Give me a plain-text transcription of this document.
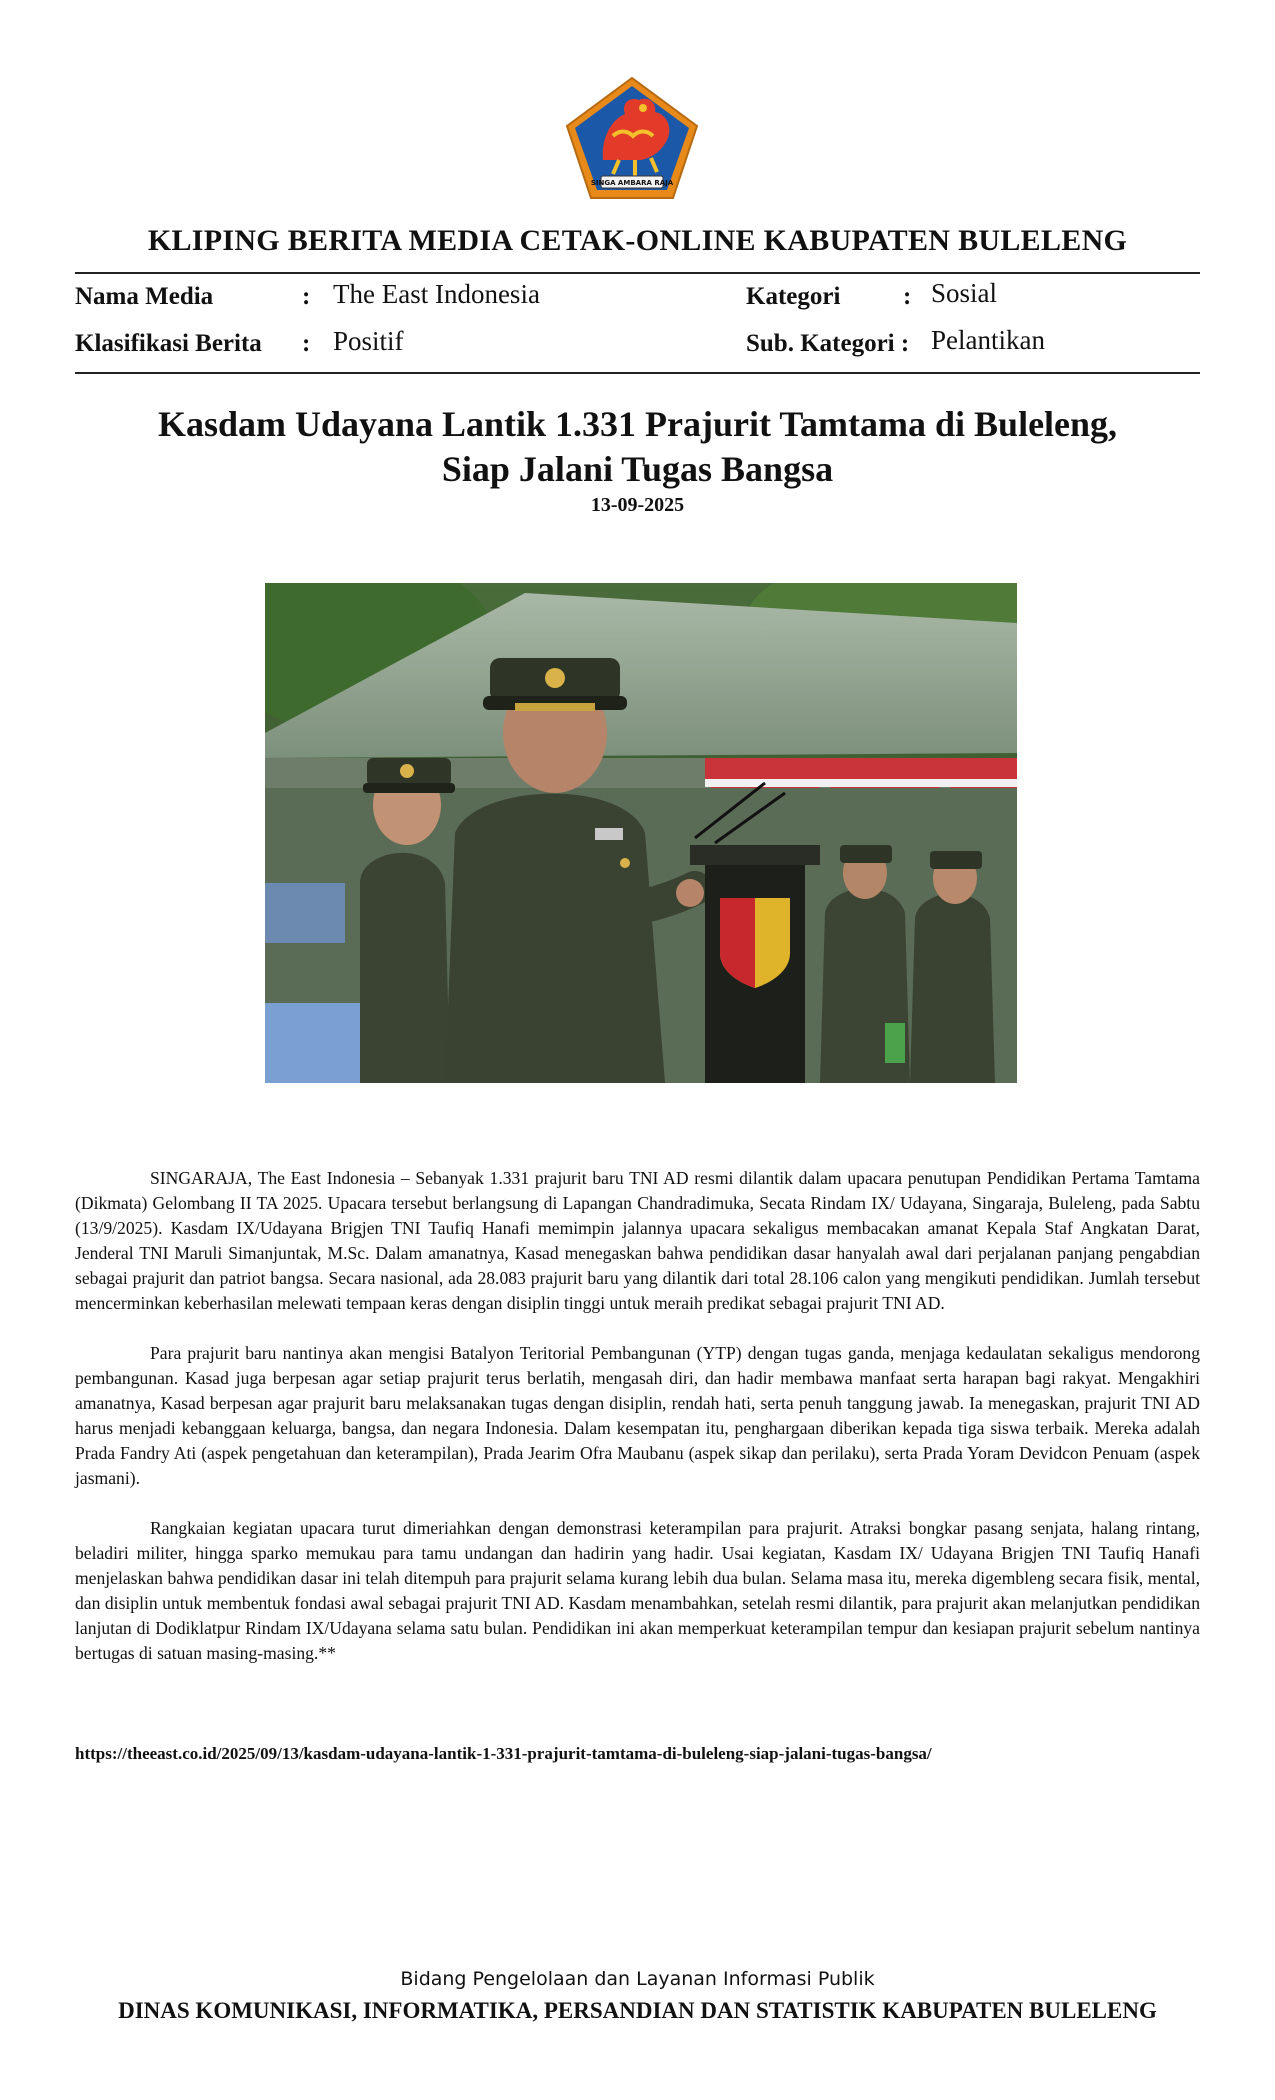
SINGA AMBARA RAJA
KLIPING BERITA MEDIA CETAK-ONLINE KABUPATEN BULELENG
Nama Media	: The East Indonesia
Klasifikasi Berita : Positif
Kategori	: Sosial
Sub. Kategori : Pelantikan
Kasdam Udayana Lantik 1.331 Prajurit Tamtama di Buleleng,
Siap Jalani Tugas Bangsa
13-09-2025

SINGARAJA, The East Indonesia – Sebanyak 1.331 prajurit baru TNI AD resmi dilantik dalam upacara penutupan Pendidikan Pertama Tamtama (Dikmata) Gelombang II TA 2025. Upacara tersebut berlangsung di Lapangan Chandradimuka, Secata Rindam IX/ Udayana, Singaraja, Buleleng, pada Sabtu (13/9/2025). Kasdam IX/Udayana Brigjen TNI Taufiq Hanafi memimpin jalannya upacara sekaligus membacakan amanat Kepala Staf Angkatan Darat, Jenderal TNI Maruli Simanjuntak, M.Sc. Dalam amanatnya, Kasad menegaskan bahwa pendidikan dasar hanyalah awal dari perjalanan panjang pengabdian sebagai prajurit dan patriot bangsa. Secara nasional, ada 28.083 prajurit baru yang dilantik dari total 28.106 calon yang mengikuti pendidikan. Jumlah tersebut mencerminkan keberhasilan melewati tempaan keras dengan disiplin tinggi untuk meraih predikat sebagai prajurit TNI AD.

Para prajurit baru nantinya akan mengisi Batalyon Teritorial Pembangunan (YTP) dengan tugas ganda, menjaga kedaulatan sekaligus mendorong pembangunan. Kasad juga berpesan agar setiap prajurit terus berlatih, mengasah diri, dan hadir membawa manfaat serta harapan bagi rakyat. Mengakhiri amanatnya, Kasad berpesan agar prajurit baru melaksanakan tugas dengan disiplin, rendah hati, serta penuh tanggung jawab. Ia menegaskan, prajurit TNI AD harus menjadi kebanggaan keluarga, bangsa, dan negara Indonesia. Dalam kesempatan itu, penghargaan diberikan kepada tiga siswa terbaik. Mereka adalah Prada Fandry Ati (aspek pengetahuan dan keterampilan), Prada Jearim Ofra Maubanu (aspek sikap dan perilaku), serta Prada Yoram Devidcon Penuam (aspek jasmani).

Rangkaian kegiatan upacara turut dimeriahkan dengan demonstrasi keterampilan para prajurit. Atraksi bongkar pasang senjata, halang rintang, beladiri militer, hingga sparko memukau para tamu undangan dan hadirin yang hadir. Usai kegiatan, Kasdam IX/ Udayana Brigjen TNI Taufiq Hanafi menjelaskan bahwa pendidikan dasar ini telah ditempuh para prajurit selama kurang lebih dua bulan. Selama masa itu, mereka digembleng secara fisik, mental, dan disiplin untuk membentuk fondasi awal sebagai prajurit TNI AD. Kasdam menambahkan, setelah resmi dilantik, para prajurit akan melanjutkan pendidikan lanjutan di Dodiklatpur Rindam IX/Udayana selama satu bulan. Pendidikan ini akan memperkuat keterampilan tempur dan kesiapan prajurit sebelum nantinya bertugas di satuan masing-masing.**

https://theeast.co.id/2025/09/13/kasdam-udayana-lantik-1-331-prajurit-tamtama-di-buleleng-siap-jalani-tugas-bangsa/
Bidang Pengelolaan dan Layanan Informasi Publik
DINAS KOMUNIKASI, INFORMATIKA, PERSANDIAN DAN STATISTIK KABUPATEN BULELENG
